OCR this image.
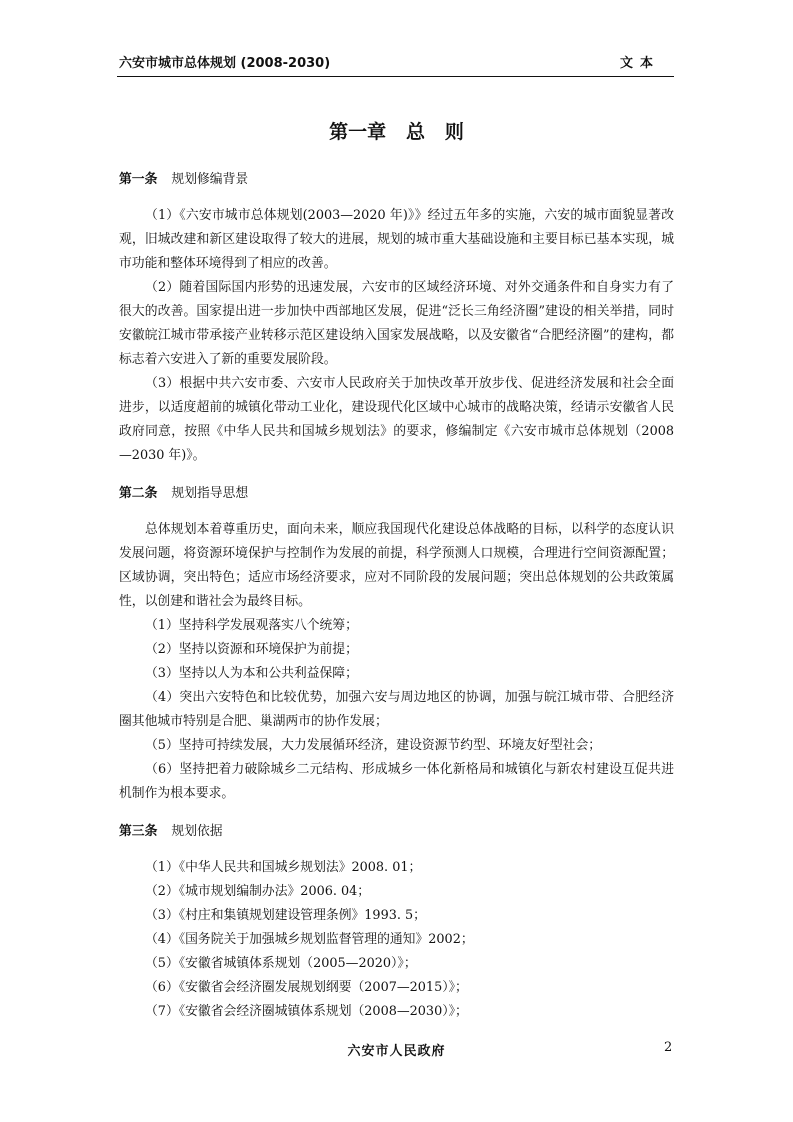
六安市城市总体规划 (2008-2030)	文本
第一章   总   则

第一条 规划修编背景

（1）《六安市城市总体规划(2003—2020 年)》》经过五年多的实施，六安的城市面貌显著改观，旧城改建和新区建设取得了较大的进展，规划的城市重大基础设施和主要目标已基本实现，城市功能和整体环境得到了相应的改善。

（2）随着国际国内形势的迅速发展，六安市的区域经济环境、对外交通条件和自身实力有了很大的改善。国家提出进一步加快中西部地区发展，促进“泛长三角经济圈”建设的相关举措，同时安徽皖江城市带承接产业转移示范区建设纳入国家发展战略，以及安徽省“合肥经济圈”的建构，都标志着六安进入了新的重要发展阶段。

（3）根据中共六安市委、六安市人民政府关于加快改革开放步伐、促进经济发展和社会全面进步，以适度超前的城镇化带动工业化，建设现代化区域中心城市的战略决策，经请示安徽省人民政府同意，按照《中华人民共和国城乡规划法》的要求，修编制定《六安市城市总体规划（2008—2030 年)》。

第二条 规划指导思想

总体规划本着尊重历史，面向未来，顺应我国现代化建设总体战略的目标，以科学的态度认识发展问题，将资源环境保护与控制作为发展的前提，科学预测人口规模，合理进行空间资源配置；区域协调，突出特色；适应市场经济要求，应对不同阶段的发展问题；突出总体规划的公共政策属性，以创建和谐社会为最终目标。

（1）坚持科学发展观落实八个统筹；

（2）坚持以资源和环境保护为前提；

（3）坚持以人为本和公共利益保障；

（4）突出六安特色和比较优势，加强六安与周边地区的协调，加强与皖江城市带、合肥经济圈其他城市特别是合肥、巢湖两市的协作发展；

（5）坚持可持续发展，大力发展循环经济，建设资源节约型、环境友好型社会；

（6）坚持把着力破除城乡二元结构、形成城乡一体化新格局和城镇化与新农村建设互促共进机制作为根本要求。

第三条 规划依据

（1）《中华人民共和国城乡规划法》2008. 01；

（2）《城市规划编制办法》2006. 04；

（3）《村庄和集镇规划建设管理条例》1993. 5；

（4）《国务院关于加强城乡规划监督管理的通知》2002；

（5）《安徽省城镇体系规划（2005—2020）》；

（6）《安徽省会经济圈发展规划纲要（2007—2015）》；

（7）《安徽省会经济圈城镇体系规划（2008—2030）》；

六安市人民政府	2
